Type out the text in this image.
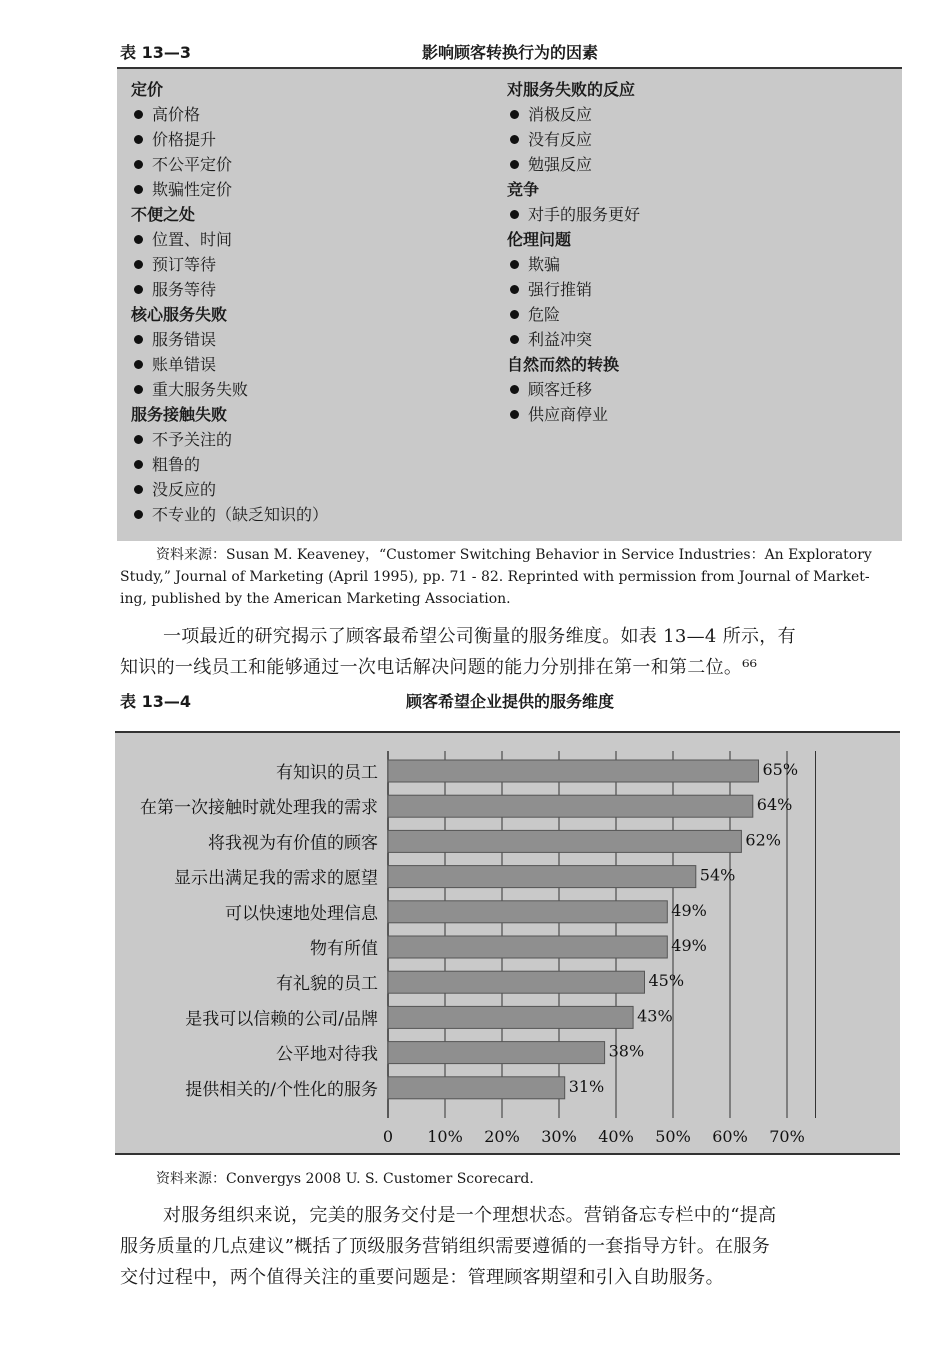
表 13—3	影响顾客转换行为的因素
定价
高价格
价格提升
不公平定价
欺骗性定价
不便之处
位置、时间
预订等待
服务等待
核心服务失败
服务错误
账单错误
重大服务失败
服务接触失败
不予关注的
粗鲁的
没反应的
不专业的（缺乏知识的）
对服务失败的反应
消极反应
没有反应
勉强反应
竞争
对手的服务更好
伦理问题
欺骗
强行推销
危险
利益冲突
自然而然的转换
顾客迁移
供应商停业
资料来源：Susan M. Keaveney，“Customer Switching Behavior in Service Industries：An Exploratory
Study,” Journal of Marketing (April 1995), pp. 71 - 82. Reprinted with permission from Journal of Market-
ing, published by the American Marketing Association.
一项最近的研究揭示了顾客最希望公司衡量的服务维度。如表 13—4 所示，有
知识的一线员工和能够通过一次电话解决问题的能力分别排在第一和第二位。⁶⁶
表 13—4	顾客希望企业提供的服务维度
有知识的员工	65%
在第一次接触时就处理我的需求	64%
将我视为有价值的顾客	62%
显示出满足我的需求的愿望	54%
可以快速地处理信息	49%
物有所值	49%
有礼貌的员工	45%
是我可以信赖的公司/品牌	43%
公平地对待我	38%
提供相关的/个性化的服务	31%
0 10% 20% 30% 40% 50% 60% 70%
资料来源：Convergys 2008 U. S. Customer Scorecard.
对服务组织来说，完美的服务交付是一个理想状态。营销备忘专栏中的“提高
服务质量的几点建议”概括了顶级服务营销组织需要遵循的一套指导方针。在服务
交付过程中，两个值得关注的重要问题是：管理顾客期望和引入自助服务。
